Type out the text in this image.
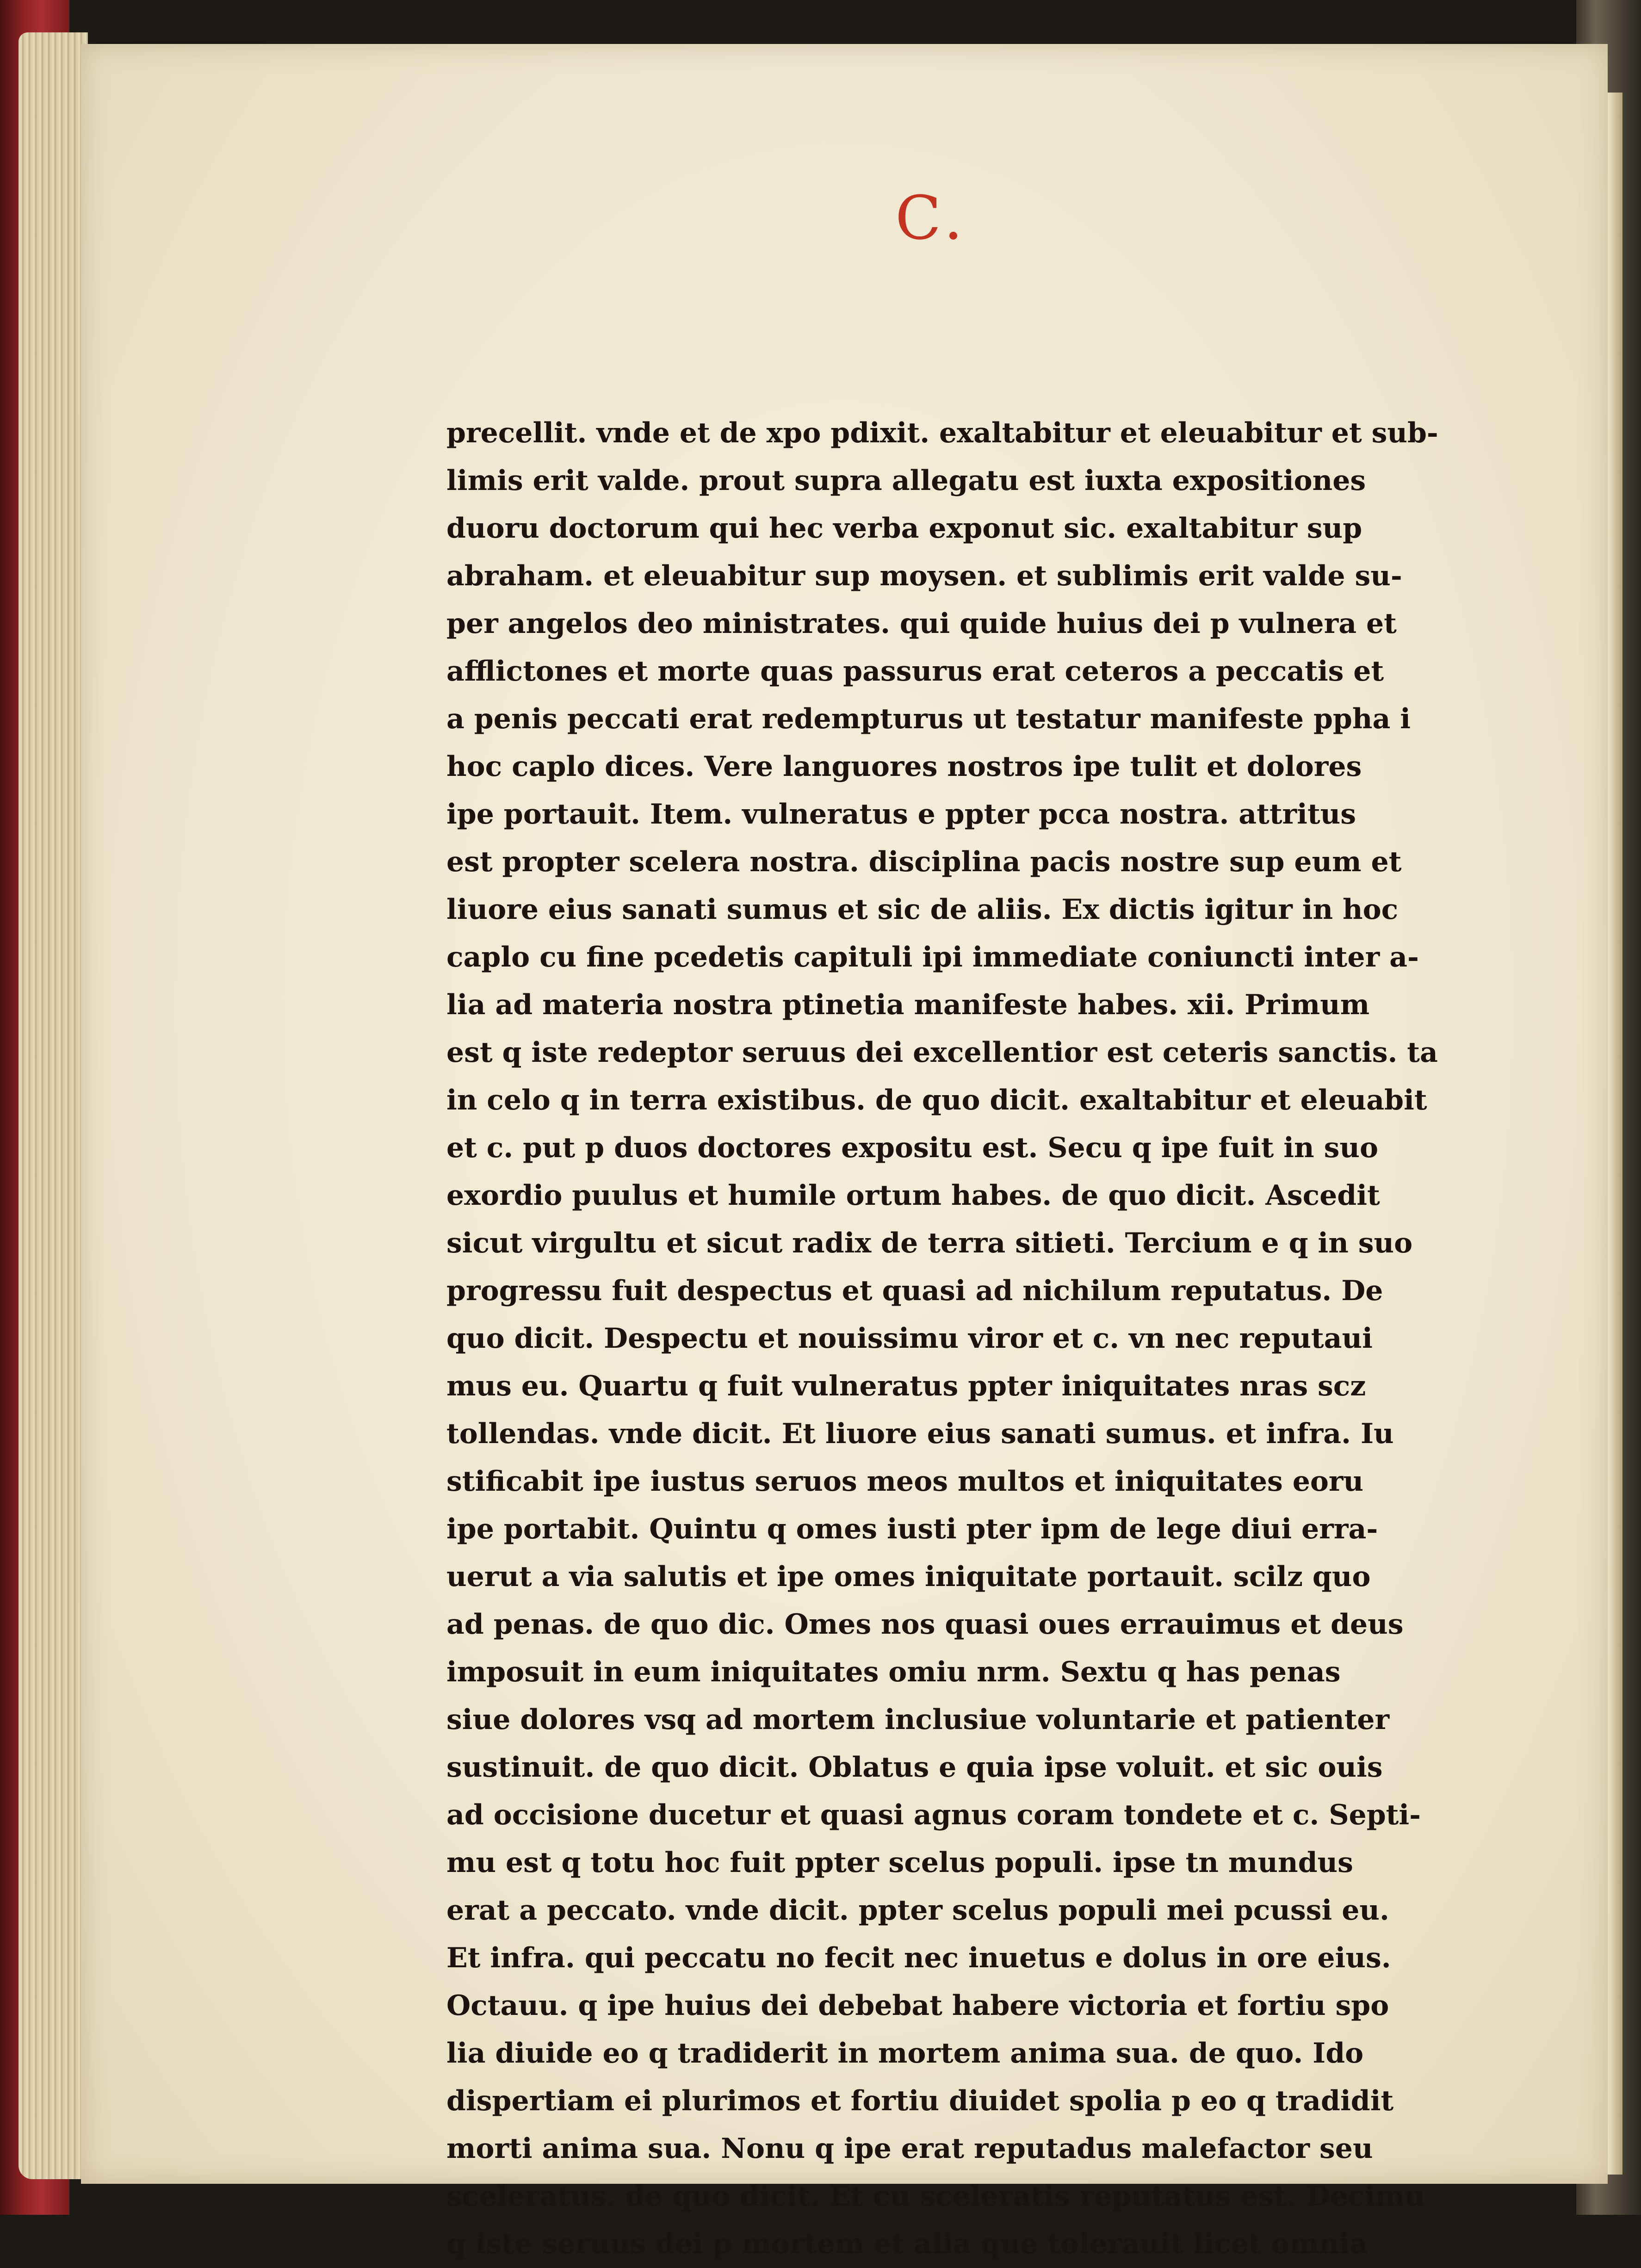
C.
precellit. vnde et de xpo pdixit. exaltabitur et eleuabitur et sub-
limis erit valde. prout supra allegatu est iuxta expositiones
duoru doctorum qui hec verba exponut sic. exaltabitur sup
abraham. et eleuabitur sup moysen. et sublimis erit valde su-
per angelos deo ministrates. qui quide huius dei p vulnera et
afflictones et morte quas passurus erat ceteros a peccatis et
a penis peccati erat redempturus ut testatur manifeste ppha i
hoc caplo dices. Vere languores nostros ipe tulit et dolores
ipe portauit. Item. vulneratus e ppter pcca nostra. attritus
est propter scelera nostra. disciplina pacis nostre sup eum et
liuore eius sanati sumus et sic de aliis. Ex dictis igitur in hoc
caplo cu fine pcedetis capituli ipi immediate coniuncti inter a-
lia ad materia nostra ptinetia manifeste habes. xii. Primum
est q iste redeptor seruus dei excellentior est ceteris sanctis. ta
in celo q in terra existibus. de quo dicit. exaltabitur et eleuabit
et c. put p duos doctores expositu est. Secu q ipe fuit in suo
exordio puulus et humile ortum habes. de quo dicit. Ascedit
sicut virgultu et sicut radix de terra sitieti. Tercium e q in suo
progressu fuit despectus et quasi ad nichilum reputatus. De
quo dicit. Despectu et nouissimu viror et c. vn nec reputaui
mus eu. Quartu q fuit vulneratus ppter iniquitates nras scz
tollendas. vnde dicit. Et liuore eius sanati sumus. et infra. Iu
stificabit ipe iustus seruos meos multos et iniquitates eoru
ipe portabit. Quintu q omes iusti pter ipm de lege diui erra-
uerut a via salutis et ipe omes iniquitate portauit. scilz quo
ad penas. de quo dic. Omes nos quasi oues errauimus et deus
imposuit in eum iniquitates omiu nrm. Sextu q has penas
siue dolores vsq ad mortem inclusiue voluntarie et patienter
sustinuit. de quo dicit. Oblatus e quia ipse voluit. et sic ouis
ad occisione ducetur et quasi agnus coram tondete et c. Septi-
mu est q totu hoc fuit ppter scelus populi. ipse tn mundus
erat a peccato. vnde dicit. ppter scelus populi mei pcussi eu.
Et infra. qui peccatu no fecit nec inuetus e dolus in ore eius.
Octauu. q ipe huius dei debebat habere victoria et fortiu spo
lia diuide eo q tradiderit in mortem anima sua. de quo. Ido
dispertiam ei plurimos et fortiu diuidet spolia p eo q tradidit
morti anima sua. Nonu q ipe erat reputadus malefactor seu
sceleratus. de quo dicit. Et cu sceleratis reputatus est. Decimu
q iste seruus dei p mortem et alia que tolerauit licet omnia
